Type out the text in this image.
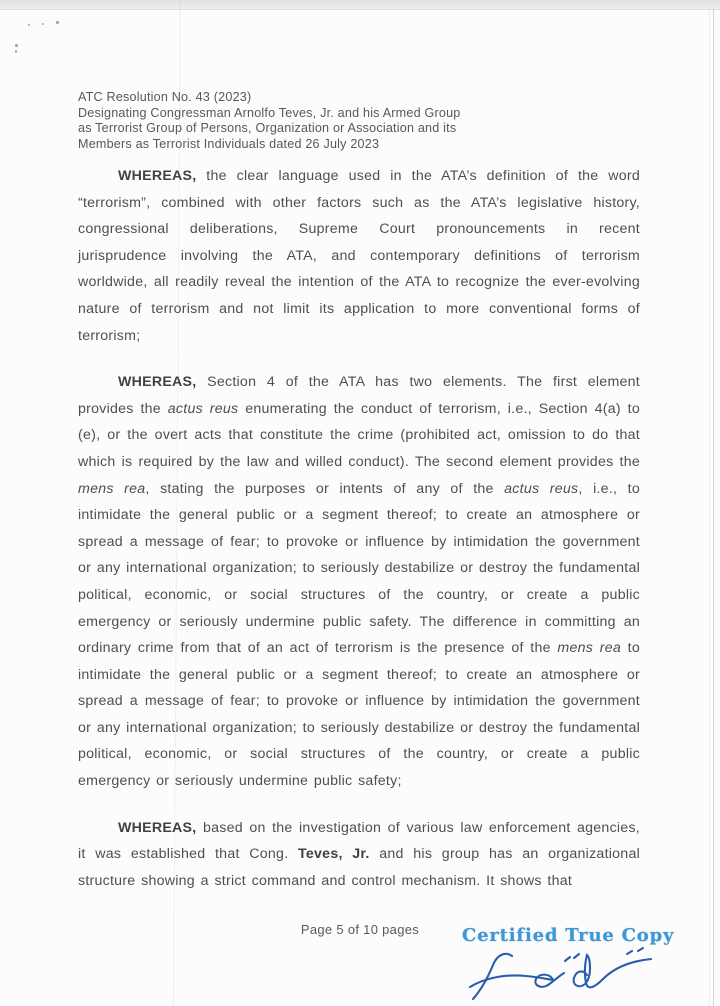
ATC Resolution No. 43 (2023)
Designating Congressman Arnolfo Teves, Jr. and his Armed Group
as Terrorist Group of Persons, Organization or Association and its
Members as Terrorist Individuals dated 26 July 2023

WHEREAS, the clear language used in the ATA’s definition of the word “terrorism”, combined with other factors such as the ATA’s legislative history, congressional deliberations, Supreme Court pronouncements in recent jurisprudence involving the ATA, and contemporary definitions of terrorism worldwide, all readily reveal the intention of the ATA to recognize the ever-evolving nature of terrorism and not limit its application to more conventional forms of terrorism;

WHEREAS, Section 4 of the ATA has two elements. The first element provides the actus reus enumerating the conduct of terrorism, i.e., Section 4(a) to (e), or the overt acts that constitute the crime (prohibited act, omission to do that which is required by the law and willed conduct). The second element provides the mens rea, stating the purposes or intents of any of the actus reus, i.e., to intimidate the general public or a segment thereof; to create an atmosphere or spread a message of fear; to provoke or influence by intimidation the government or any international organization; to seriously destabilize or destroy the fundamental political, economic, or social structures of the country, or create a public emergency or seriously undermine public safety. The difference in committing an ordinary crime from that of an act of terrorism is the presence of the mens rea to intimidate the general public or a segment thereof; to create an atmosphere or spread a message of fear; to provoke or influence by intimidation the government or any international organization; to seriously destabilize or destroy the fundamental political, economic, or social structures of the country, or create a public emergency or seriously undermine public safety;

WHEREAS, based on the investigation of various law enforcement agencies, it was established that Cong. Teves, Jr. and his group has an organizational structure showing a strict command and control mechanism. It shows that

Page 5 of 10 pages	Certified True Copy
